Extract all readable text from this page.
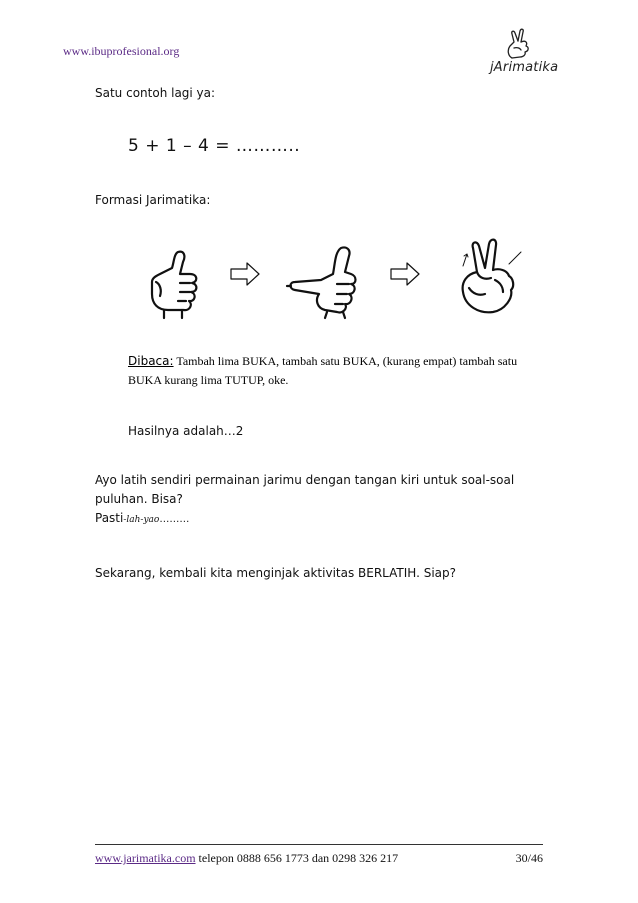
www.ibuprofesional.org
jArimatika
Satu contoh lagi ya:
5 + 1 – 4 = ………..
Formasi Jarimatika:
Dibaca: Tambah lima BUKA, tambah satu BUKA, (kurang empat) tambah satu BUKA kurang lima TUTUP, oke.
Hasilnya adalah…2
Ayo latih sendiri permainan jarimu dengan tangan kiri untuk soal-soal puluhan. Bisa?
Pasti-lah-yao………
Sekarang, kembali kita menginjak aktivitas BERLATIH. Siap?
www.jarimatika.com telepon 0888 656 1773 dan 0298 326 217	30/46
